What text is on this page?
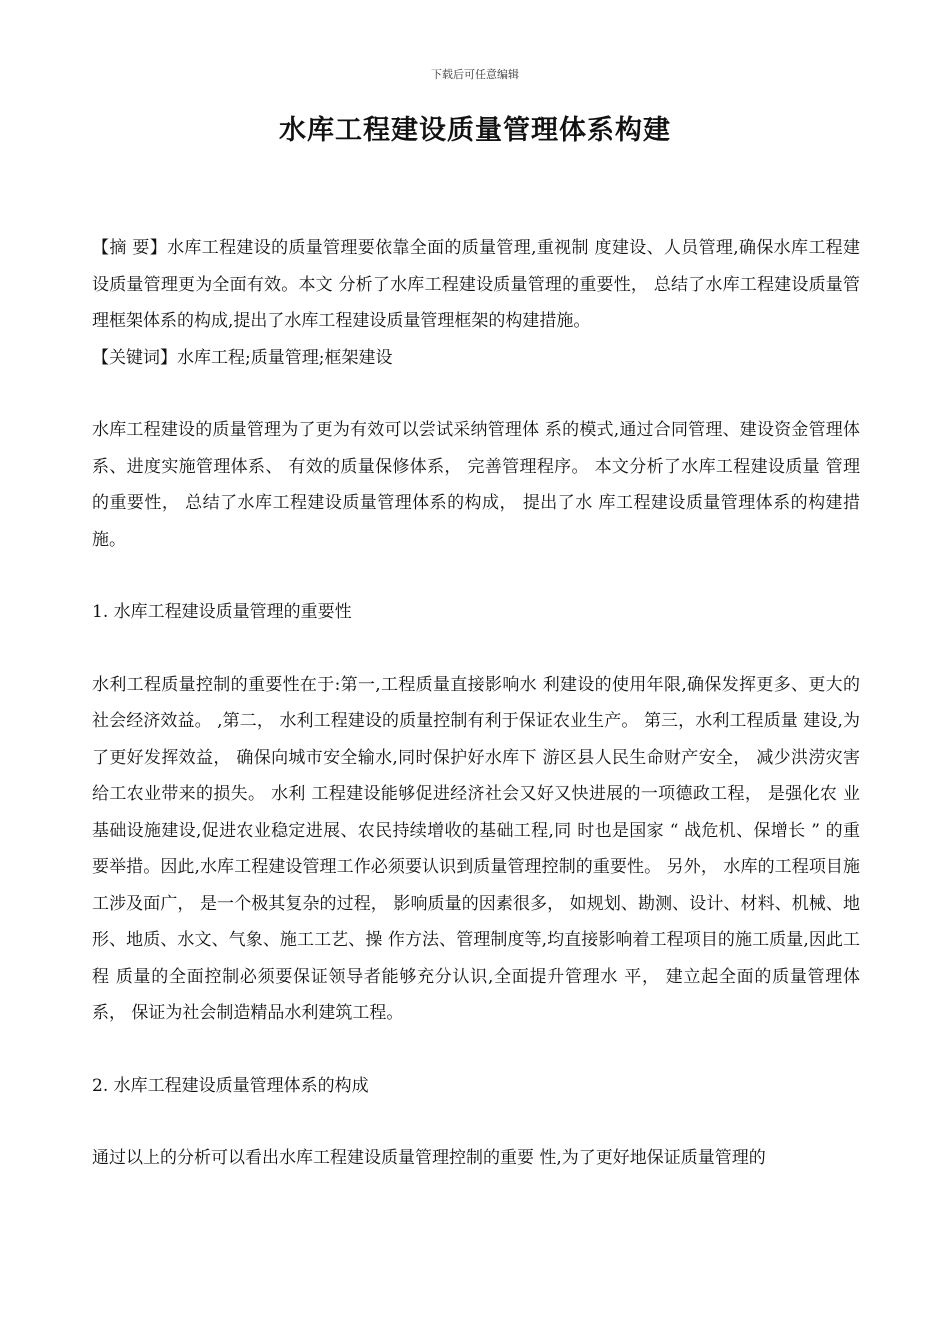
下载后可任意编辑
水库工程建设质量管理体系构建

【摘 要】水库工程建设的质量管理要依靠全面的质量管理,重视制 度建设、人员管理,确保水库工程建设质量管理更为全面有效。本文 分析了水库工程建设质量管理的重要性， 总结了水库工程建设质量管 理框架体系的构成,提出了水库工程建设质量管理框架的构建措施。

【关键词】水库工程;质量管理;框架建设

水库工程建设的质量管理为了更为有效可以尝试采纳管理体 系的模式,通过合同管理、建设资金管理体系、进度实施管理体系、 有效的质量保修体系， 完善管理程序。 本文分析了水库工程建设质量 管理的重要性， 总结了水库工程建设质量管理体系的构成， 提出了水 库工程建设质量管理体系的构建措施。

1. 水库工程建设质量管理的重要性

水利工程质量控制的重要性在于:第一,工程质量直接影响水 利建设的使用年限,确保发挥更多、更大的社会经济效益。 ,第二， 水利工程建设的质量控制有利于保证农业生产。 第三，水利工程质量 建设,为了更好发挥效益， 确保向城市安全输水,同时保护好水库下 游区县人民生命财产安全， 减少洪涝灾害给工农业带来的损失。 水利 工程建设能够促进经济社会又好又快进展的一项德政工程， 是强化农 业基础设施建设,促进农业稳定进展、农民持续增收的基础工程,同 时也是国家 “ 战危机、保增长 ” 的重要举措。因此,水库工程建设管理工作必须要认识到质量管理控制的重要性。 另外， 水库的工程项目施 工涉及面广， 是一个极其复杂的过程， 影响质量的因素很多， 如规划、勘测、设计、材料、机械、地形、地质、水文、气象、施工工艺、操 作方法、管理制度等,均直接影响着工程项目的施工质量,因此工程 质量的全面控制必须要保证领导者能够充分认识,全面提升管理水 平， 建立起全面的质量管理体系， 保证为社会制造精品水利建筑工程。

2. 水库工程建设质量管理体系的构成

通过以上的分析可以看出水库工程建设质量管理控制的重要 性,为了更好地保证质量管理的
